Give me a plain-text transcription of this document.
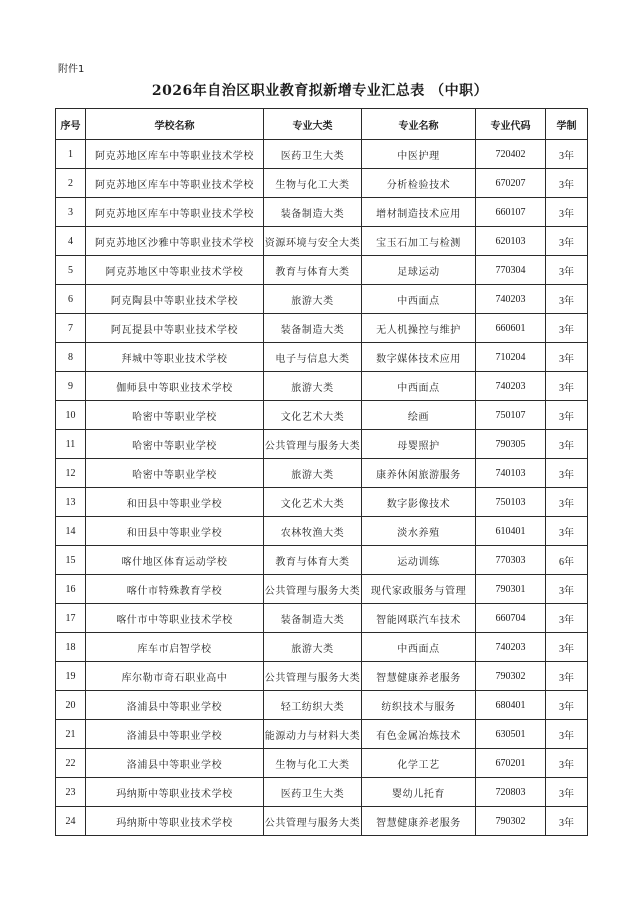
附件1
2026年自治区职业教育拟新增专业汇总表 （中职）
序号	学校名称	专业大类	专业名称	专业代码	学制
1	阿克苏地区库车中等职业技术学校	医药卫生大类	中医护理	720402	3年
2	阿克苏地区库车中等职业技术学校	生物与化工大类	分析检验技术	670207	3年
3	阿克苏地区库车中等职业技术学校	装备制造大类	增材制造技术应用	660107	3年
4	阿克苏地区沙雅中等职业技术学校	资源环境与安全大类	宝玉石加工与检测	620103	3年
5	阿克苏地区中等职业技术学校	教育与体育大类	足球运动	770304	3年
6	阿克陶县中等职业技术学校	旅游大类	中西面点	740203	3年
7	阿瓦提县中等职业技术学校	装备制造大类	无人机操控与维护	660601	3年
8	拜城中等职业技术学校	电子与信息大类	数字媒体技术应用	710204	3年
9	伽师县中等职业技术学校	旅游大类	中西面点	740203	3年
10	哈密中等职业学校	文化艺术大类	绘画	750107	3年
11	哈密中等职业学校	公共管理与服务大类	母婴照护	790305	3年
12	哈密中等职业学校	旅游大类	康养休闲旅游服务	740103	3年
13	和田县中等职业学校	文化艺术大类	数字影像技术	750103	3年
14	和田县中等职业学校	农林牧渔大类	淡水养殖	610401	3年
15	喀什地区体育运动学校	教育与体育大类	运动训练	770303	6年
16	喀什市特殊教育学校	公共管理与服务大类	现代家政服务与管理	790301	3年
17	喀什市中等职业技术学校	装备制造大类	智能网联汽车技术	660704	3年
18	库车市启智学校	旅游大类	中西面点	740203	3年
19	库尔勒市奇石职业高中	公共管理与服务大类	智慧健康养老服务	790302	3年
20	洛浦县中等职业学校	轻工纺织大类	纺织技术与服务	680401	3年
21	洛浦县中等职业学校	能源动力与材料大类	有色金属冶炼技术	630501	3年
22	洛浦县中等职业学校	生物与化工大类	化学工艺	670201	3年
23	玛纳斯中等职业技术学校	医药卫生大类	婴幼儿托育	720803	3年
24	玛纳斯中等职业技术学校	公共管理与服务大类	智慧健康养老服务	790302	3年
